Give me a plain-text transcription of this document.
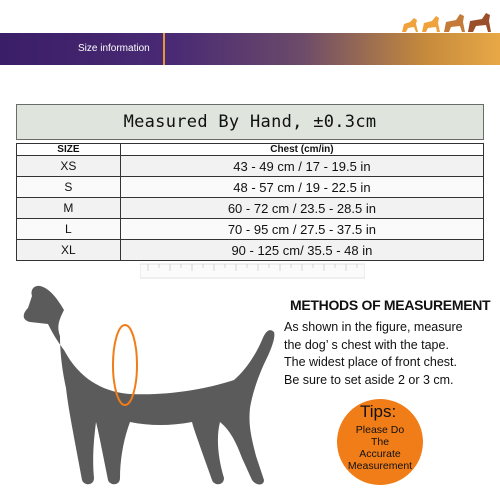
Size information
Measured By Hand, ±0.3cm
SIZE	Chest (cm/in)
XS	43 - 49 cm / 17 - 19.5 in
S	48 - 57 cm / 19 - 22.5 in
M	60 - 72 cm / 23.5 - 28.5 in
L	70 - 95 cm / 27.5 - 37.5 in
XL	90 - 125 cm/ 35.5 - 48 in
CHEST
METHODS OF MEASUREMENT
As shown in the figure, measure
the dog’ s chest with the tape.
The widest place of front chest.
Be sure to set aside 2 or 3 cm.
Tips:
Please Do
The
Accurate
Measurement
